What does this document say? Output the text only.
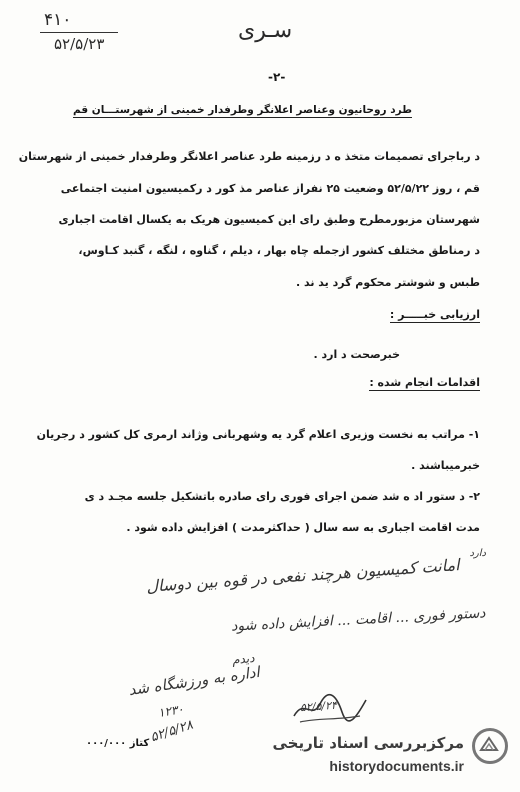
۴۱۰
۵۲/۵/۲۳
سـری
-۲-
طرد روحانیون وعناصر اعلانگر وطرفدار خمینی از شهرستـــان قم
د رباجرای تصمیمات متخذ ه د رزمینه طرد عناصر اعلانگر وطرفدار خمینی از شهرستان
قم ، روز ۵۲/۵/۲۲ وضعیت ۲۵ نفراز عناصر مذ کور د رکمیسیون امنیت اجتماعی
شهرستان مزبورمطرح وطبق رای این کمیسیون هریک به یکسال اقامت اجباری
د رمناطق مختلف کشور ازجمله چاه بهار ، دیلم ، گناوه ، لنگه ، گنبد کـاوس،
طبس و شوشتر محکوم گرد ید ند .
ارزیابی خبـــــر :
خبرصحت د ارد .
اقدامات انجام شده :
۱- مراتب به نخست وزیری اعلام گرد یه وشهربانی وژاند ارمری کل کشور د رجریان
خبرمیباشند .
۲- د ستور اد ه شد ضمن اجرای فوری رای صادره باتشکیل جلسه مجـد د ی
مدت اقامت اجباری به سه سال ( حداکثرمدت ) افزایش داده شود .
دارد
امانت کمیسیون هرچند نفعی در قوه بین دوسال
دستور فوری ... اقامت ... افزایش داده شود
دیدم
اداره به ورزشگاه شد
۵۲/۵/۲۸
۱۲۳۰	۵۲/۵/۲۴
کتاز ۰۰۰/۰۰۰	مرکزبررسی اسناد تاریخی
historydocuments.ir
